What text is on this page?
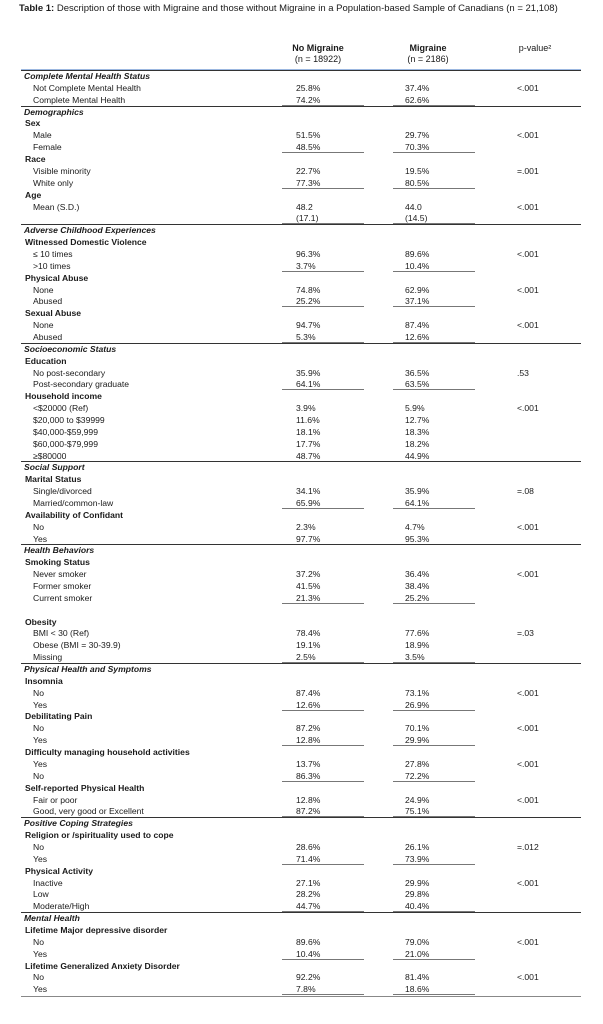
Table 1: Description of those with Migraine and those without Migraine in a Population-based Sample of Canadians (n = 21,108)
No Migraine
(n = 18922)
Migraine
(n = 2186)
p-value²
Complete Mental Health Status
Not Complete Mental Health	25.8%	37.4%	<.001
Complete Mental Health	74.2%	62.6%
Demographics
Sex
Male	51.5%	29.7%	<.001
Female	48.5%	70.3%
Race
Visible minority	22.7%	19.5%	=.001
White only	77.3%	80.5%
Age
Mean (S.D.)	48.2	44.0	<.001
(17.1)	(14.5)
Adverse Childhood Experiences
Witnessed Domestic Violence
≤ 10 times	96.3%	89.6%	<.001
>10 times	3.7%	10.4%
Physical Abuse
None	74.8%	62.9%	<.001
Abused	25.2%	37.1%
Sexual Abuse
None	94.7%	87.4%	<.001
Abused	5.3%	12.6%
Socioeconomic Status
Education
No post-secondary	35.9%	36.5%	.53
Post-secondary graduate	64.1%	63.5%
Household income
<$20000 (Ref)	3.9%	5.9%	<.001
$20,000 to $39999	11.6%	12.7%
$40,000-$59,999	18.1%	18.3%
$60,000-$79,999	17.7%	18.2%
≥$80000	48.7%	44.9%
Social Support
Marital Status
Single/divorced	34.1%	35.9%	=.08
Married/common-law	65.9%	64.1%
Availability of Confidant
No	2.3%	4.7%	<.001
Yes	97.7%	95.3%
Health Behaviors
Smoking Status
Never smoker	37.2%	36.4%	<.001
Former smoker	41.5%	38.4%
Current smoker	21.3%	25.2%
Obesity
BMI < 30 (Ref)	78.4%	77.6%	=.03
Obese (BMI = 30-39.9)	19.1%	18.9%
Missing	2.5%	3.5%
Physical Health and Symptoms
Insomnia
No	87.4%	73.1%	<.001
Yes	12.6%	26.9%
Debilitating Pain
No	87.2%	70.1%	<.001
Yes	12.8%	29.9%
Difficulty managing household activities
Yes	13.7%	27.8%	<.001
No	86.3%	72.2%
Self-reported Physical Health
Fair or poor	12.8%	24.9%	<.001
Good, very good or Excellent	87.2%	75.1%
Positive Coping Strategies
Religion or /spirituality used to cope
No	28.6%	26.1%	=.012
Yes	71.4%	73.9%
Physical Activity
Inactive	27.1%	29.9%	<.001
Low	28.2%	29.8%
Moderate/High	44.7%	40.4%
Mental Health
Lifetime Major depressive disorder
No	89.6%	79.0%	<.001
Yes	10.4%	21.0%
Lifetime Generalized Anxiety Disorder
No	92.2%	81.4%	<.001
Yes	7.8%	18.6%
